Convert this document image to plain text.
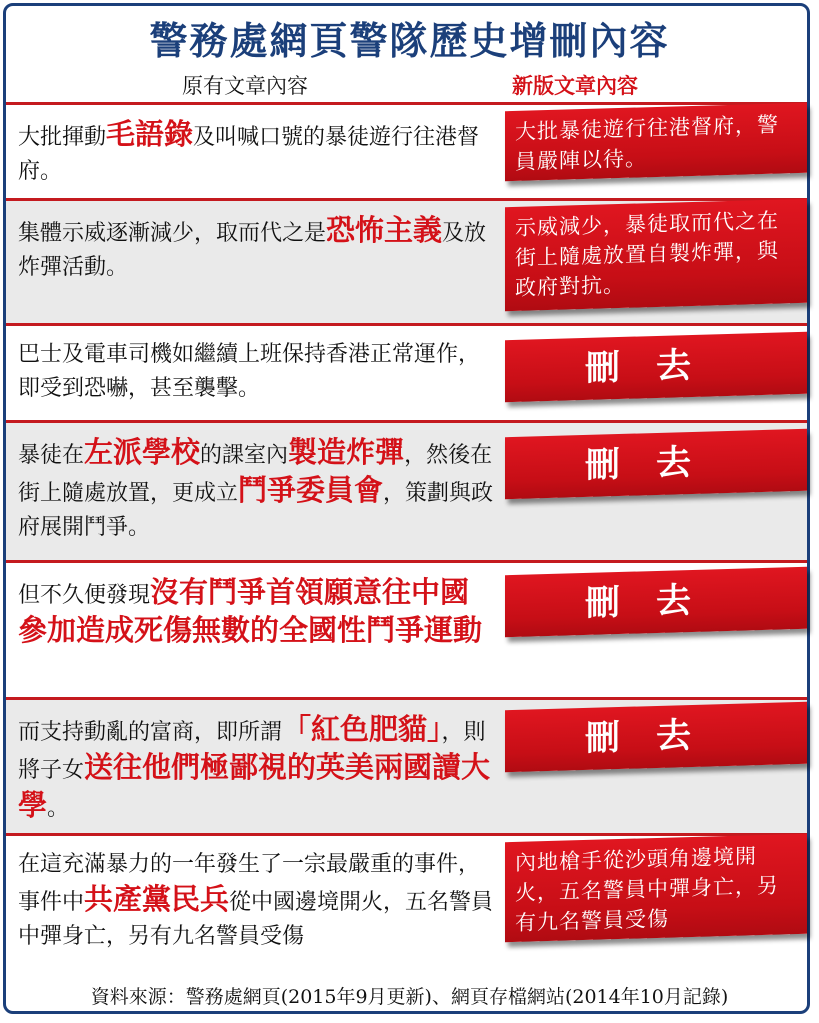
警務處網頁警隊歷史增刪內容
原有文章內容	新版文章內容
大批揮動毛語錄及叫喊口號的暴徒遊行往港督府。
大批暴徒遊行往港督府，警員嚴陣以待。
集體示威逐漸減少，取而代之是恐怖主義及放炸彈活動。
示威減少，暴徒取而代之在街上隨處放置自製炸彈，與政府對抗。
巴士及電車司機如繼續上班保持香港正常運作，即受到恐嚇，甚至襲擊。	刪去
暴徒在左派學校的課室內製造炸彈，然後在街上隨處放置，更成立鬥爭委員會，策劃與政府展開鬥爭。
刪去
但不久便發現沒有鬥爭首領願意往中國參加造成死傷無數的全國性鬥爭運動
刪去
而支持動亂的富商，即所謂「紅色肥貓」，則將子女送往他們極鄙視的英美兩國讀大學。
刪去
在這充滿暴力的一年發生了一宗最嚴重的事件，事件中共產黨民兵從中國邊境開火，五名警員中彈身亡，另有九名警員受傷
內地槍手從沙頭角邊境開火，五名警員中彈身亡，另有九名警員受傷
資料來源：警務處網頁(2015年9月更新)、網頁存檔網站(2014年10月記錄)
